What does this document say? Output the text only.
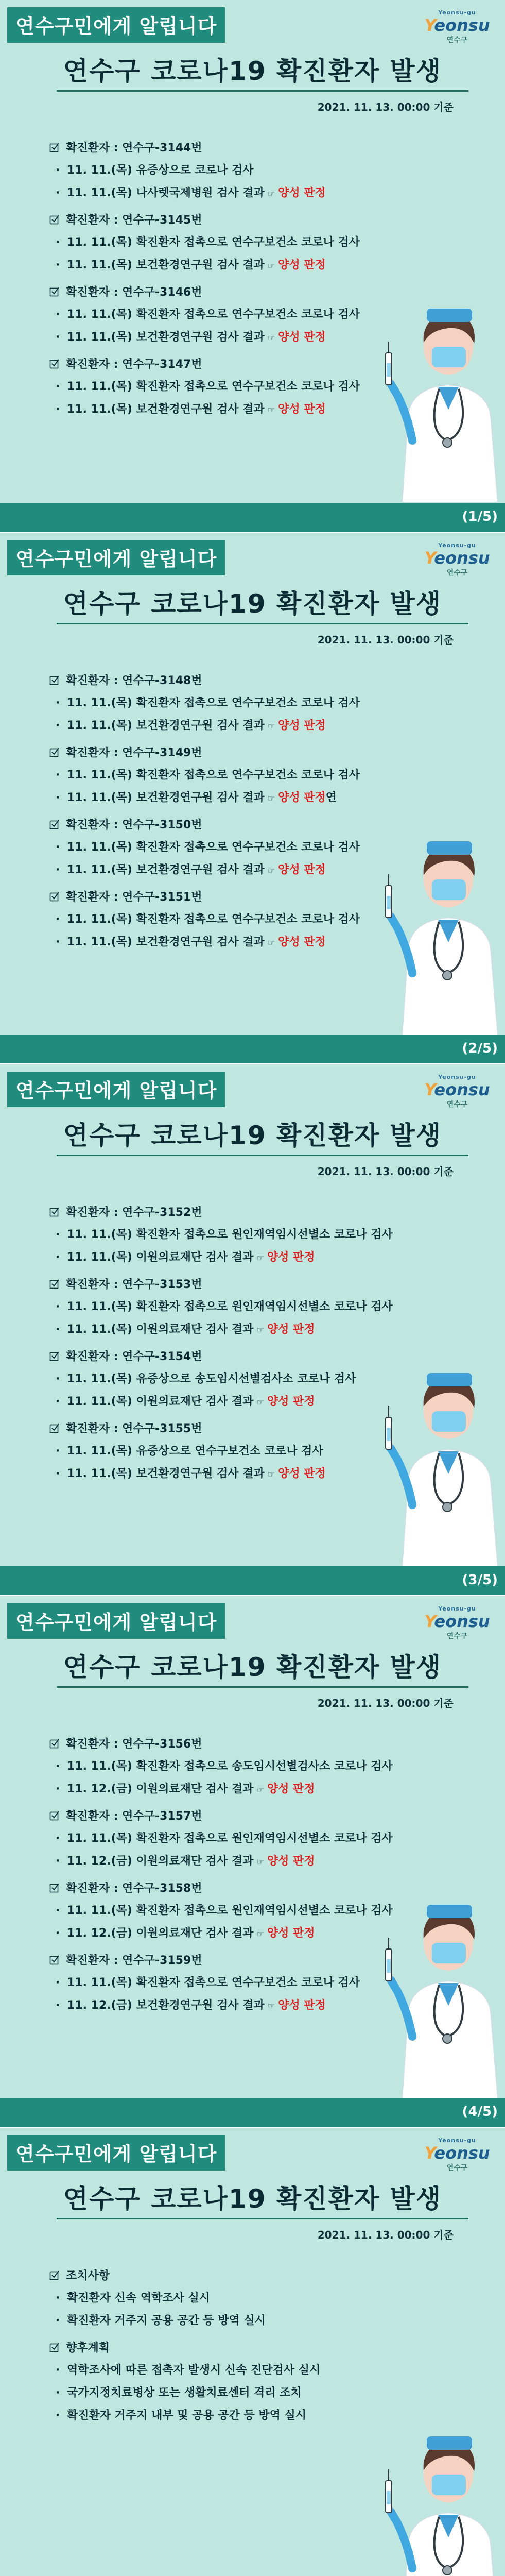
연수구민에게 알립니다
Yeonsu-gu
Yeonsu
연수구
연수구 코로나19 확진환자 발생
2021. 11. 13. 00:00 기준
확진환자 : 연수구-3144번
· 11. 11.(목) 유증상으로 코로나 검사
· 11. 11.(목) 나사렛국제병원 검사 결과 ☞ 양성 판정
확진환자 : 연수구-3145번
· 11. 11.(목) 확진환자 접촉으로 연수구보건소 코로나 검사
· 11. 11.(목) 보건환경연구원 검사 결과 ☞ 양성 판정
확진환자 : 연수구-3146번
· 11. 11.(목) 확진환자 접촉으로 연수구보건소 코로나 검사
· 11. 11.(목) 보건환경연구원 검사 결과 ☞ 양성 판정
확진환자 : 연수구-3147번
· 11. 11.(목) 확진환자 접촉으로 연수구보건소 코로나 검사
· 11. 11.(목) 보건환경연구원 검사 결과 ☞ 양성 판정
(1/5)
연수구민에게 알립니다
Yeonsu-gu
Yeonsu
연수구
연수구 코로나19 확진환자 발생
2021. 11. 13. 00:00 기준
확진환자 : 연수구-3148번
· 11. 11.(목) 확진환자 접촉으로 연수구보건소 코로나 검사
· 11. 11.(목) 보건환경연구원 검사 결과 ☞ 양성 판정
확진환자 : 연수구-3149번
· 11. 11.(목) 확진환자 접촉으로 연수구보건소 코로나 검사
· 11. 11.(목) 보건환경연구원 검사 결과 ☞ 양성 판정연
확진환자 : 연수구-3150번
· 11. 11.(목) 확진환자 접촉으로 연수구보건소 코로나 검사
· 11. 11.(목) 보건환경연구원 검사 결과 ☞ 양성 판정
확진환자 : 연수구-3151번
· 11. 11.(목) 확진환자 접촉으로 연수구보건소 코로나 검사
· 11. 11.(목) 보건환경연구원 검사 결과 ☞ 양성 판정
(2/5)
연수구민에게 알립니다
Yeonsu-gu
Yeonsu
연수구
연수구 코로나19 확진환자 발생
2021. 11. 13. 00:00 기준
확진환자 : 연수구-3152번
· 11. 11.(목) 확진환자 접촉으로 원인재역임시선별소 코로나 검사
· 11. 11.(목) 이원의료재단 검사 결과 ☞ 양성 판정
확진환자 : 연수구-3153번
· 11. 11.(목) 확진환자 접촉으로 원인재역임시선별소 코로나 검사
· 11. 11.(목) 이원의료재단 검사 결과 ☞ 양성 판정
확진환자 : 연수구-3154번
· 11. 11.(목) 유증상으로 송도임시선별검사소 코로나 검사
· 11. 11.(목) 이원의료재단 검사 결과 ☞ 양성 판정
확진환자 : 연수구-3155번
· 11. 11.(목) 유증상으로 연수구보건소 코로나 검사
· 11. 11.(목) 보건환경연구원 검사 결과 ☞ 양성 판정
(3/5)
연수구민에게 알립니다
Yeonsu-gu
Yeonsu
연수구
연수구 코로나19 확진환자 발생
2021. 11. 13. 00:00 기준
확진환자 : 연수구-3156번
· 11. 11.(목) 확진환자 접촉으로 송도임시선별검사소 코로나 검사
· 11. 12.(금) 이원의료재단 검사 결과 ☞ 양성 판정
확진환자 : 연수구-3157번
· 11. 11.(목) 확진환자 접촉으로 원인재역임시선별소 코로나 검사
· 11. 12.(금) 이원의료재단 검사 결과 ☞ 양성 판정
확진환자 : 연수구-3158번
· 11. 11.(목) 확진환자 접촉으로 원인재역임시선별소 코로나 검사
· 11. 12.(금) 이원의료재단 검사 결과 ☞ 양성 판정
확진환자 : 연수구-3159번
· 11. 11.(목) 확진환자 접촉으로 연수구보건소 코로나 검사
· 11. 12.(금) 보건환경연구원 검사 결과 ☞ 양성 판정
(4/5)
연수구민에게 알립니다
Yeonsu-gu
Yeonsu
연수구
연수구 코로나19 확진환자 발생
2021. 11. 13. 00:00 기준
조치사항
· 확진환자 신속 역학조사 실시
· 확진환자 거주지 공용 공간 등 방역 실시
향후계획
· 역학조사에 따른 접촉자 발생시 신속 진단검사 실시
· 국가지정치료병상 또는 생활치료센터 격리 조치
· 확진환자 거주지 내부 및 공용 공간 등 방역 실시
